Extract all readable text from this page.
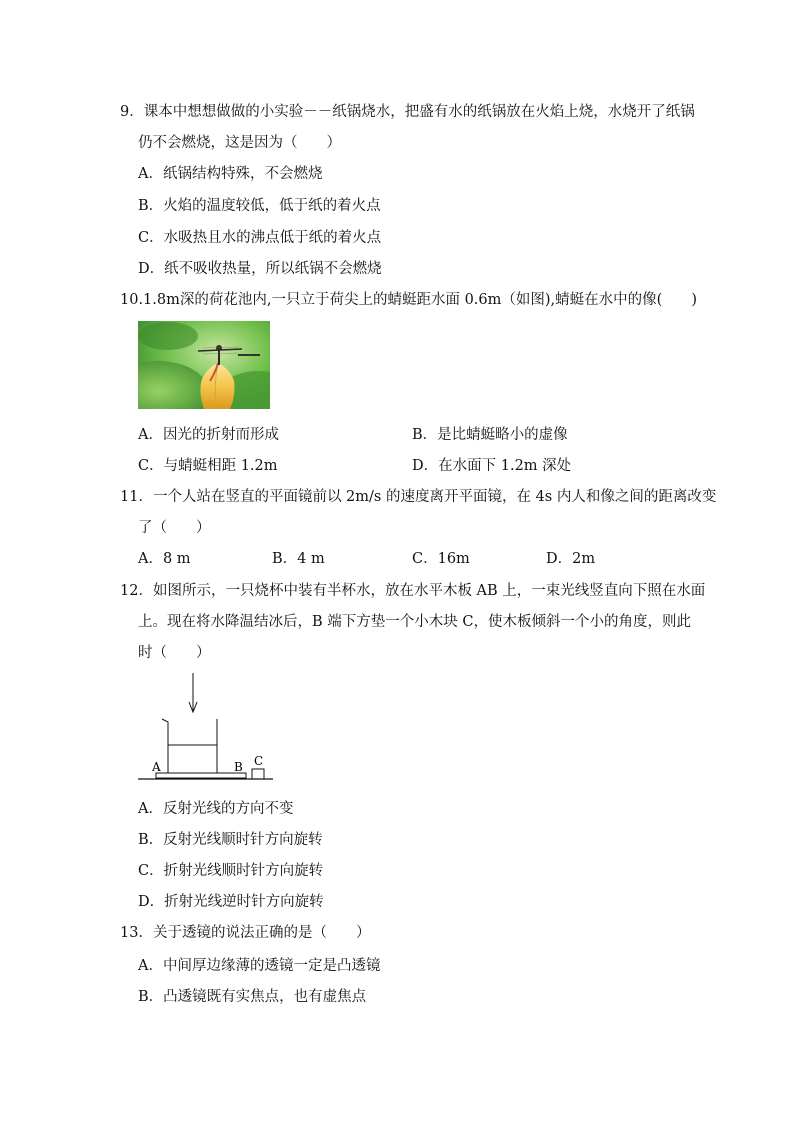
9．课本中想想做做的小实验－－纸锅烧水，把盛有水的纸锅放在火焰上烧，水烧开了纸锅
仍不会燃烧，这是因为（　　）
A．纸锅结构特殊，不会燃烧
B．火焰的温度较低，低于纸的着火点
C．水吸热且水的沸点低于纸的着火点
D．纸不吸收热量，所以纸锅不会燃烧
10.1.8m深的荷花池内,一只立于荷尖上的蜻蜓距水面 0.6m（如图),蜻蜓在水中的像(　　)
A．因光的折射而形成	B．是比蜻蜓略小的虚像
C．与蜻蜓相距 1.2m	D．在水面下 1.2m 深处
11．一个人站在竖直的平面镜前以 2m/s 的速度离开平面镜，在 4s 内人和像之间的距离改变
了（　　）
A．8 m	B．4 m	C．16m	D．2m
12．如图所示，一只烧杯中装有半杯水，放在水平木板 AB 上，一束光线竖直向下照在水面
上。现在将水降温结冰后，B 端下方垫一个小木块 C，使木板倾斜一个小的角度，则此
时（　　）
A	B C
A．反射光线的方向不变
B．反射光线顺时针方向旋转
C．折射光线顺时针方向旋转
D．折射光线逆时针方向旋转
13．关于透镜的说法正确的是（　　）
A．中间厚边缘薄的透镜一定是凸透镜
B．凸透镜既有实焦点，也有虚焦点
